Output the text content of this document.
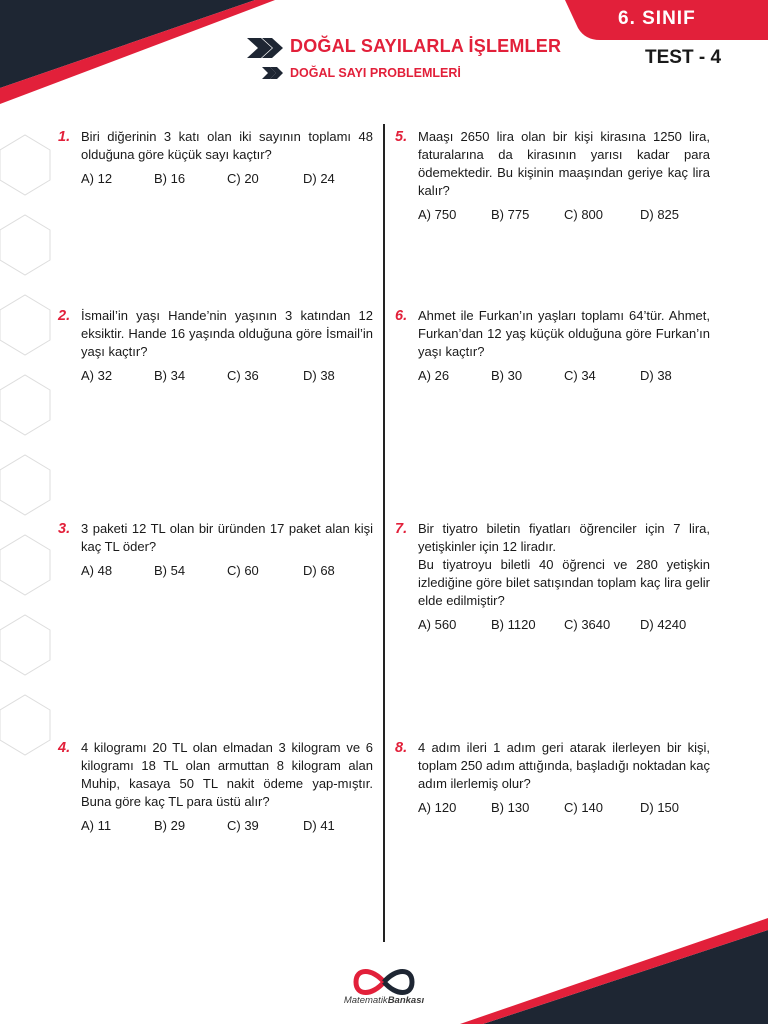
DOĞAL SAYILARLA İŞLEMLER
DOĞAL SAYI PROBLEMLERİ
6. SINIF
TEST - 4
1. Biri diğerinin 3 katı olan iki sayının toplamı 48 olduğuna göre küçük sayı kaçtır?
A) 12	B) 16	C) 20	D) 24
2. İsmail’in yaşı Hande’nin yaşının 3 katından 12 eksiktir. Hande 16 yaşında olduğuna göre İsmail’in yaşı kaçtır?
A) 32	B) 34	C) 36	D) 38
3. 3 paketi 12 TL olan bir üründen 17 paket alan kişi kaç TL öder?
A) 48	B) 54	C) 60	D) 68
4. 4 kilogramı 20 TL olan elmadan 3 kilogram ve 6 kilogramı 18 TL olan armuttan 8 kilogram alan Muhip, kasaya 50 TL nakit ödeme yap-mıştır. Buna göre kaç TL para üstü alır?
A) 11	B) 29	C) 39	D) 41
5. Maaşı 2650 lira olan bir kişi kirasına 1250 lira, faturalarına da kirasının yarısı kadar para ödemektedir. Bu kişinin maaşından geriye kaç lira kalır?
A) 750	B) 775	C) 800	D) 825
6. Ahmet ile Furkan’ın yaşları toplamı 64’tür. Ahmet, Furkan’dan 12 yaş küçük olduğuna göre Furkan’ın yaşı kaçtır?
A) 26	B) 30	C) 34	D) 38
7. Bir tiyatro biletin fiyatları öğrenciler için 7 lira, yetişkinler için 12 liradır.
Bu tiyatroyu biletli 40 öğrenci ve 280 yetişkin izlediğine göre bilet satışından toplam kaç lira gelir elde edilmiştir?
A) 560	B) 1120 C) 3640 D) 4240
8. 4 adım ileri 1 adım geri atarak ilerleyen bir kişi, toplam 250 adım attığında, başladığı noktadan kaç adım ilerlemiş olur?
A) 120	B) 130	C) 140	D) 150
MatematikBankası
